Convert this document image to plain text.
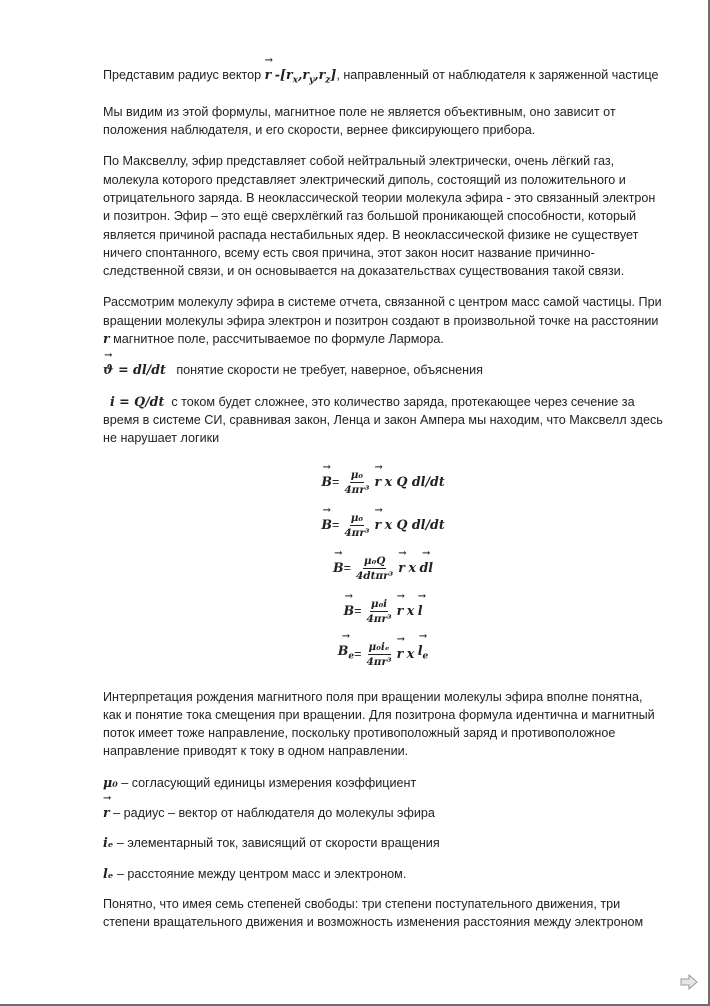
Представим радиус вектор → r $-[r_x,r_y,r_z]$, направленный от наблюдателя к заряженной частице

Мы видим из этой формулы, магнитное поле не является объективным, оно зависит от положения наблюдателя, и его скорости, вернее фиксирующего прибора.

По Максвеллу, эфир представляет собой нейтральный электрически, очень лёгкий газ, молекула которого представляет электрический диполь, состоящий из положительного и отрицательного заряда. В неоклассической теории молекула эфира - это связанный электрон и позитрон. Эфир – это ещё сверхлёгкий газ большой проникающей способности, который является причиной распада нестабильных ядер. В неоклассической физике не существует ничего спонтанного, всему есть своя причина, этот закон носит название причинно-следственной связи, и он основывается на доказательствах существования такой связи.

Рассмотрим молекулу эфира в системе отчета, связанной с центром масс самой частицы. При вращении молекулы эфира электрон и позитрон создают в произвольной точке на расстоянии r магнитное поле, рассчитываемое по формуле Лармора.

→ ϑ = dl/dt понятие скорости не требует, наверное, объяснения

i = Q/dt с током будет сложнее, это количество заряда, протекающее через сечение за время в системе СИ, сравнивая закон, Ленца и закон Ампера мы находим, что Максвелл здесь не нарушает логики

→ $B = \frac{\text{μ₀}}{\text{4πr³}}$
→ r
x Q dl/dt
→ $B = \frac{\text{μ₀}}{\text{4πr³}}$
→ r
x Q dl/dt
→ $B = \frac{\text{μ₀Q}}{\text{4dtπr³}}$
→ r
x

→ dl
→ $B = \frac{\text{μ₀i}}{\text{4πr³}}$
→ r
x

→ l
→ $B_e = \frac{\text{μ₀iₑ}}{\text{4πr³}}$
→ r
x

→ $l_e$

Интерпретация рождения магнитного поля при вращении молекулы эфира вполне понятна, как и понятие тока смещения при вращении. Для позитрона формула идентична и магнитный поток имеет тоже направление, поскольку противоположный заряд и противоположное направление приводят к току в одном направлении.

μ₀ – согласующий единицы измерения коэффициент

→ r – радиус – вектор от наблюдателя до молекулы эфира

iₑ – элементарный ток, зависящий от скорости вращения

lₑ – расстояние между центром масс и электроном.

Понятно, что имея семь степеней свободы: три степени поступательного движения, три степени вращательного движения и возможность изменения расстояния между электроном
